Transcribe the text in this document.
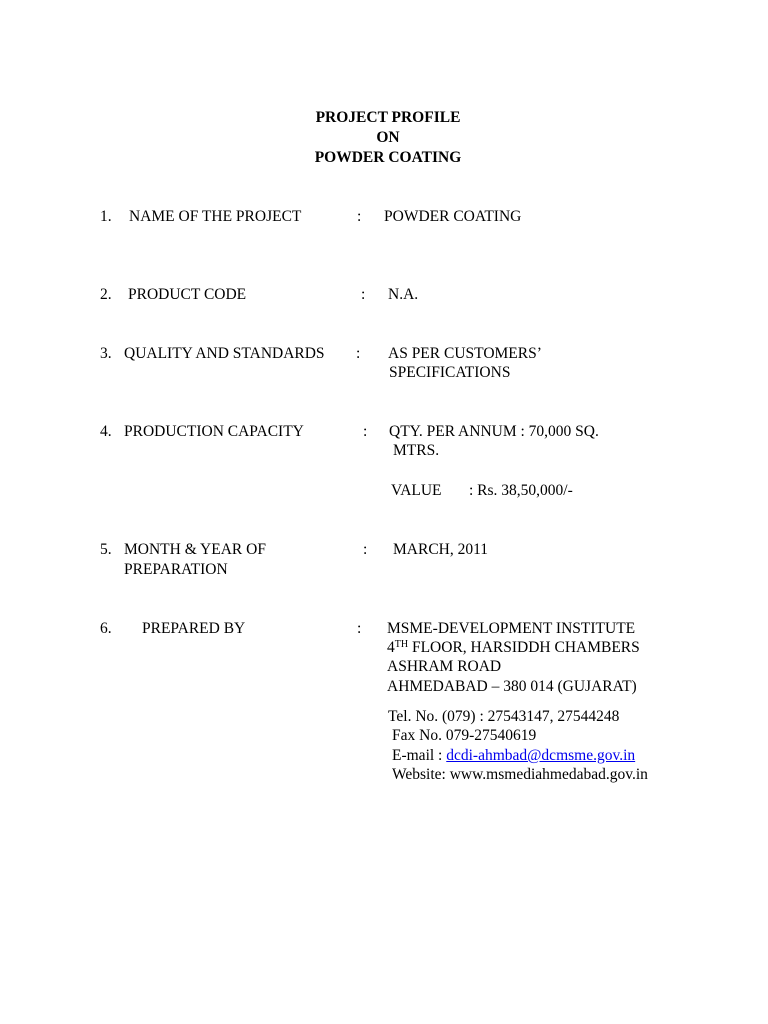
PROJECT PROFILE
ON
POWDER COATING
1. NAME OF THE PROJECT	: POWDER COATING
2. PRODUCT CODE	: N.A.
3. QUALITY AND STANDARDS : AS PER CUSTOMERS’
SPECIFICATIONS
4. PRODUCTION CAPACITY	: QTY. PER ANNUM : 70,000 SQ.
MTRS.
VALUE : Rs. 38,50,000/-
5. MONTH & YEAR OF
PREPARATION
: MARCH, 2011
6. PREPARED BY	: MSME-DEVELOPMENT INSTITUTE
4TH FLOOR, HARSIDDH CHAMBERS
ASHRAM ROAD
AHMEDABAD – 380 014 (GUJARAT)
Tel. No. (079) : 27543147, 27544248
Fax No. 079-27540619
E-mail : dcdi-ahmbad@dcmsme.gov.in
Website: www.msmediahmedabad.gov.in
